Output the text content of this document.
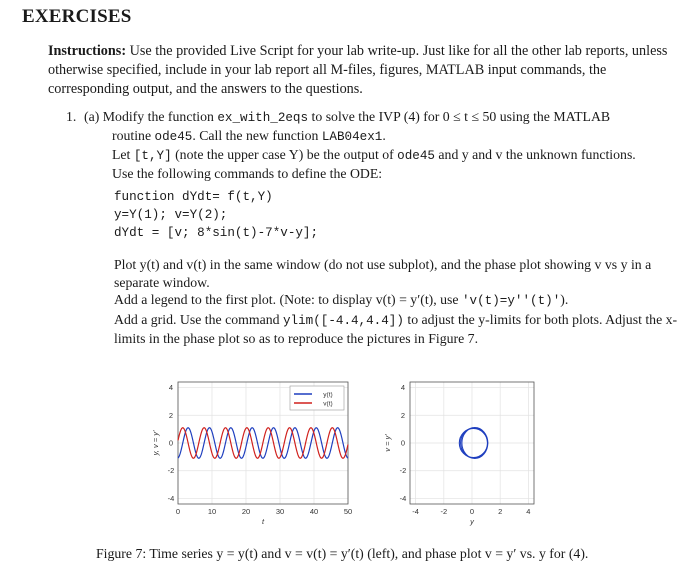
EXERCISES
Instructions: Use the provided Live Script for your lab write-up. Just like for all the other lab reports, unless otherwise specified, include in your lab report all M-files, figures, MATLAB input commands, the corresponding output, and the answers to the questions.
1. (a) Modify the function ex_with_2eqs to solve the IVP (4) for 0 ≤ t ≤ 50 using the MATLAB

routine ode45. Call the new function LAB04ex1.

Let [t,Y] (note the upper case Y) be the output of ode45 and y and v the unknown functions.

Use the following commands to define the ODE:

function dYdt= f(t,Y)
y=Y(1); v=Y(2);
dYdt = [v; 8*sin(t)-7*v-y];

Plot y(t) and v(t) in the same window (do not use subplot), and the phase plot showing v vs y in a separate window.

Add a legend to the first plot. (Note: to display v(t) = y′(t), use 'v(t)=y''(t)').

Add a grid. Use the command ylim([-4.4,4.4]) to adjust the y-limits for both plots. Adjust the x-limits in the phase plot so as to reproduce the pictures in Figure 7.

0	10	20	30	40	50
-4
-2
0
2
4
t
y, v = y'
y(t)
v(t)
-4	-2	0	2	4
-4
-2
0
2
4
y
v = y'
Figure 7: Time series y = y(t) and v = v(t) = y′(t) (left), and phase plot v = y′ vs. y for (4).
